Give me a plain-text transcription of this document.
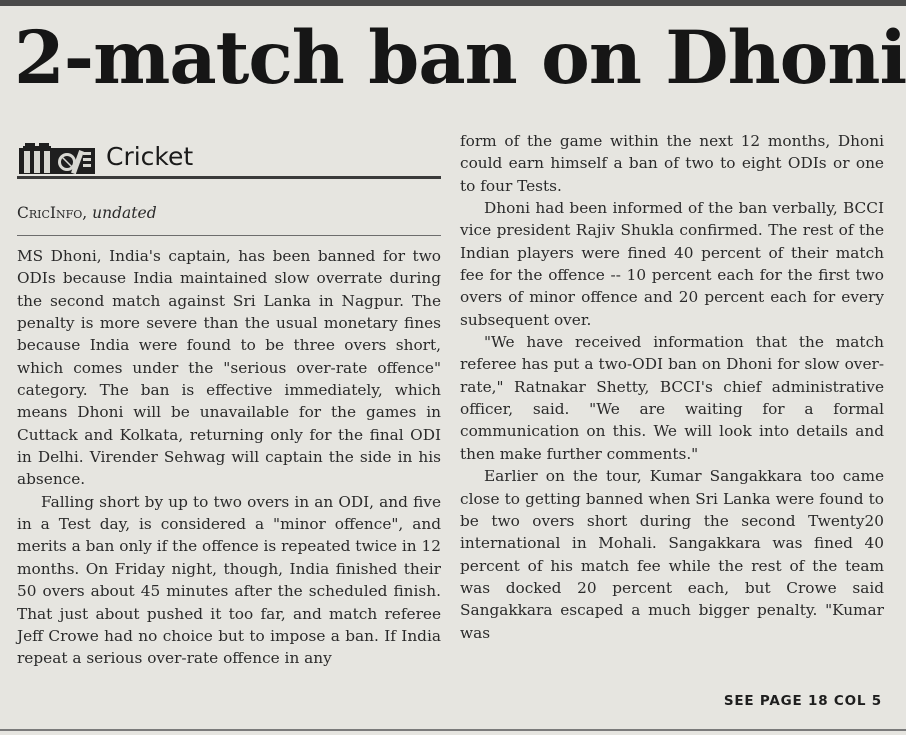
2-match ban on Dhoni
Cricket
CricInfo, undated

MS Dhoni, India's captain, has been banned for two ODIs because India maintained slow overrate during the second match against Sri Lanka in Nagpur. The penalty is more severe than the usual monetary fines because India were found to be three overs short, which comes under the "serious over-rate offence" category. The ban is effective immediately, which means Dhoni will be unavailable for the games in Cuttack and Kolkata, returning only for the final ODI in Delhi. Virender Sehwag will captain the side in his absence.

Falling short by up to two overs in an ODI, and five in a Test day, is considered a "minor offence", and merits a ban only if the offence is repeated twice in 12 months. On Friday night, though, India finished their 50 overs about 45 minutes after the scheduled finish. That just about pushed it too far, and match referee Jeff Crowe had no choice but to impose a ban. If India repeat a serious over-rate offence in any

form of the game within the next 12 months, Dhoni could earn himself a ban of two to eight ODIs or one to four Tests.

Dhoni had been informed of the ban verbally, BCCI vice president Rajiv Shukla confirmed. The rest of the Indian players were fined 40 percent of their match fee for the offence -- 10 percent each for the first two overs of minor offence and 20 percent each for every subsequent over.

"We have received information that the match referee has put a two-ODI ban on Dhoni for slow over-rate," Ratnakar Shetty, BCCI's chief administrative officer, said. "We are waiting for a formal communication on this. We will look into details and then make further comments."

Earlier on the tour, Kumar Sangakkara too came close to getting banned when Sri Lanka were found to be two overs short during the second Twenty20 international in Mohali. Sangakkara was fined 40 percent of his match fee while the rest of the team was docked 20 percent each, but Crowe said Sangakkara escaped a much bigger penalty. "Kumar was

SEE PAGE 18 COL 5
